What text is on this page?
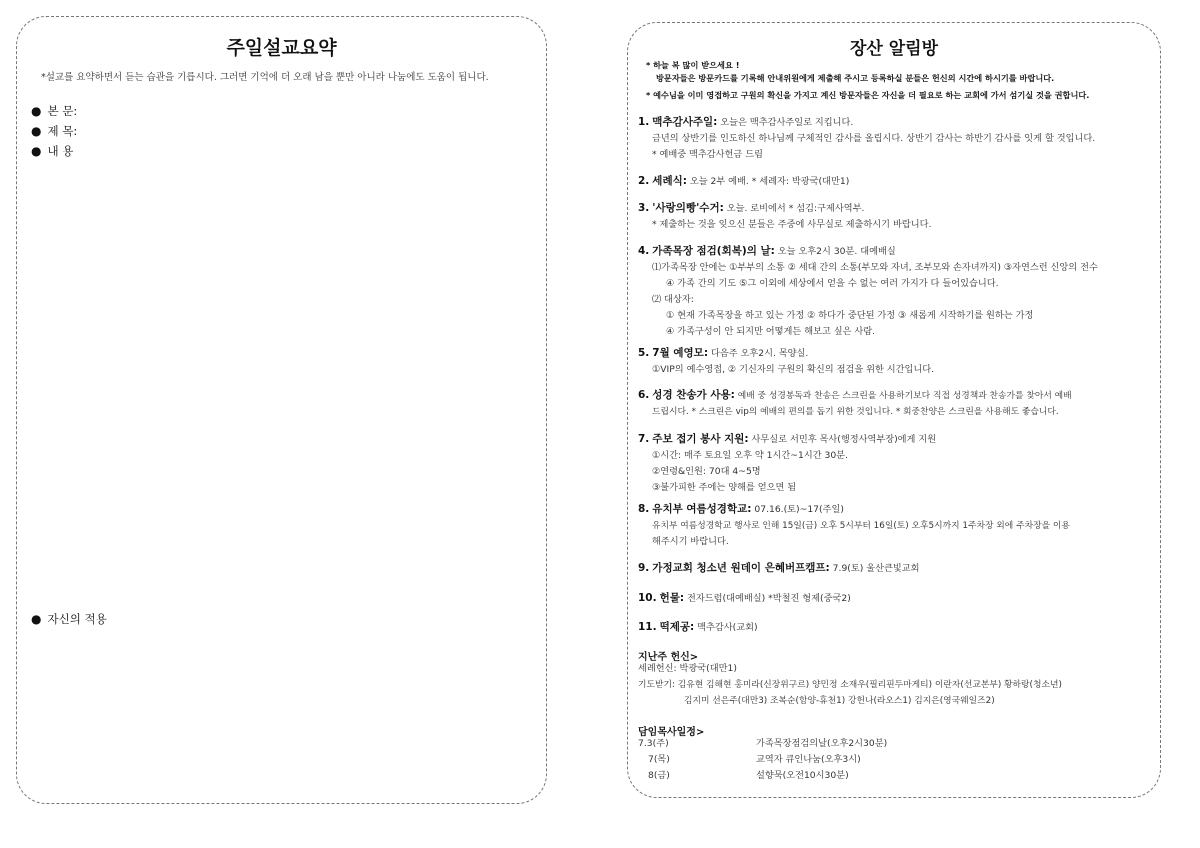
주일설교요약
*설교를 요약하면서 듣는 습관을 기릅시다. 그러면 기억에 더 오래 남을 뿐만 아니라 나눔에도 도움이 됩니다.
● 본 문:
● 제 목:
● 내 용
● 자신의 적용
장산 알림방
* 하늘 복 많이 받으세요 !
방문자들은 방문카드를 기록해 안내위원에게 제출해 주시고 등록하실 분들은 헌신의 시간에 하시기를 바랍니다.
* 예수님을 이미 영접하고 구원의 확신을 가지고 계신 방문자들은 자신을 더 필요로 하는 교회에 가서 섬기실 것을 권합니다.
1. 맥추감사주일: 오늘은 맥추감사주일로 지킵니다.
금년의 상반기를 인도하신 하나님께 구체적인 감사를 올립시다. 상반기 감사는 하반기 감사를 잇게 할 것입니다.
* 예배중 맥추감사헌금 드림
2. 세례식: 오늘 2부 예배. * 세례자: 박광국(대만1)
3. '사랑의빵'수거: 오늘. 로비에서 * 섬김:구제사역부.
* 제출하는 것을 잊으신 분들은 주중에 사무실로 제출하시기 바랍니다.
4. 가족목장 점검(회복)의 날: 오늘 오후2시 30분. 대예배실
⑴가족목장 안에는 ①부부의 소통 ② 세대 간의 소통(부모와 자녀, 조부모와 손자녀까지) ③자연스런 신앙의 전수
④ 가족 간의 기도 ⑤그 이외에 세상에서 얻을 수 없는 여러 가지가 다 들어있습니다.
⑵ 대상자:
① 현재 가족목장을 하고 있는 가정 ② 하다가 중단된 가정 ③ 새롭게 시작하기를 원하는 가정
④ 가족구성이 안 되지만 어떻게든 해보고 싶은 사람.
5. 7월 예영모: 다음주 오후2시. 목양실.
①VIP의 예수영접, ② 기신자의 구원의 확신의 점검을 위한 시간입니다.
6. 성경 찬송가 사용: 예배 중 성경봉독과 찬송은 스크린을 사용하기보다 직접 성경책과 찬송가를 찾아서 예배
드립시다. * 스크린은 vip의 예배의 편의를 돕기 위한 것입니다. * 회중찬양은 스크린을 사용해도 좋습니다.
7. 주보 접기 봉사 지원: 사무실로 서민후 목사(행정사역부장)에게 지원
①시간: 매주 토요일 오후 약 1시간~1시간 30분.
②연령&인원: 70대 4~5명
③불가피한 주에는 양해를 얻으면 됨
8. 유치부 여름성경학교: 07.16.(토)~17(주일)
유치부 여름성경학교 행사로 인해 15일(금) 오후 5시부터 16일(토) 오후5시까지 1주차장 외에 주차장을 이용
해주시기 바랍니다.
9. 가정교회 청소년 원데이 은혜버프캠프: 7.9(토) 울산큰빛교회
10. 헌물: 전자드럼(대예배실) *박철진 형제(중국2)
11. 떡제공: 맥추감사(교회)
지난주 헌신>
세례헌신: 박광국(대만1)
기도받기: 김유현 김해현 홍미라(신장위구르) 양민정 소재우(필리핀두마게티) 이란자(선교본부) 황하랑(청소년)
김지미 선은주(대만3) 조복순(함양-휴천1) 강헌나(라오스1) 김지은(영국웨일즈2)
담임목사일정>
7.3(주)	가족목장점검의날(오후2시30분)
7(목)	교역자 큐인나눔(오후3시)
8(금)	설향묵(오전10시30분)
